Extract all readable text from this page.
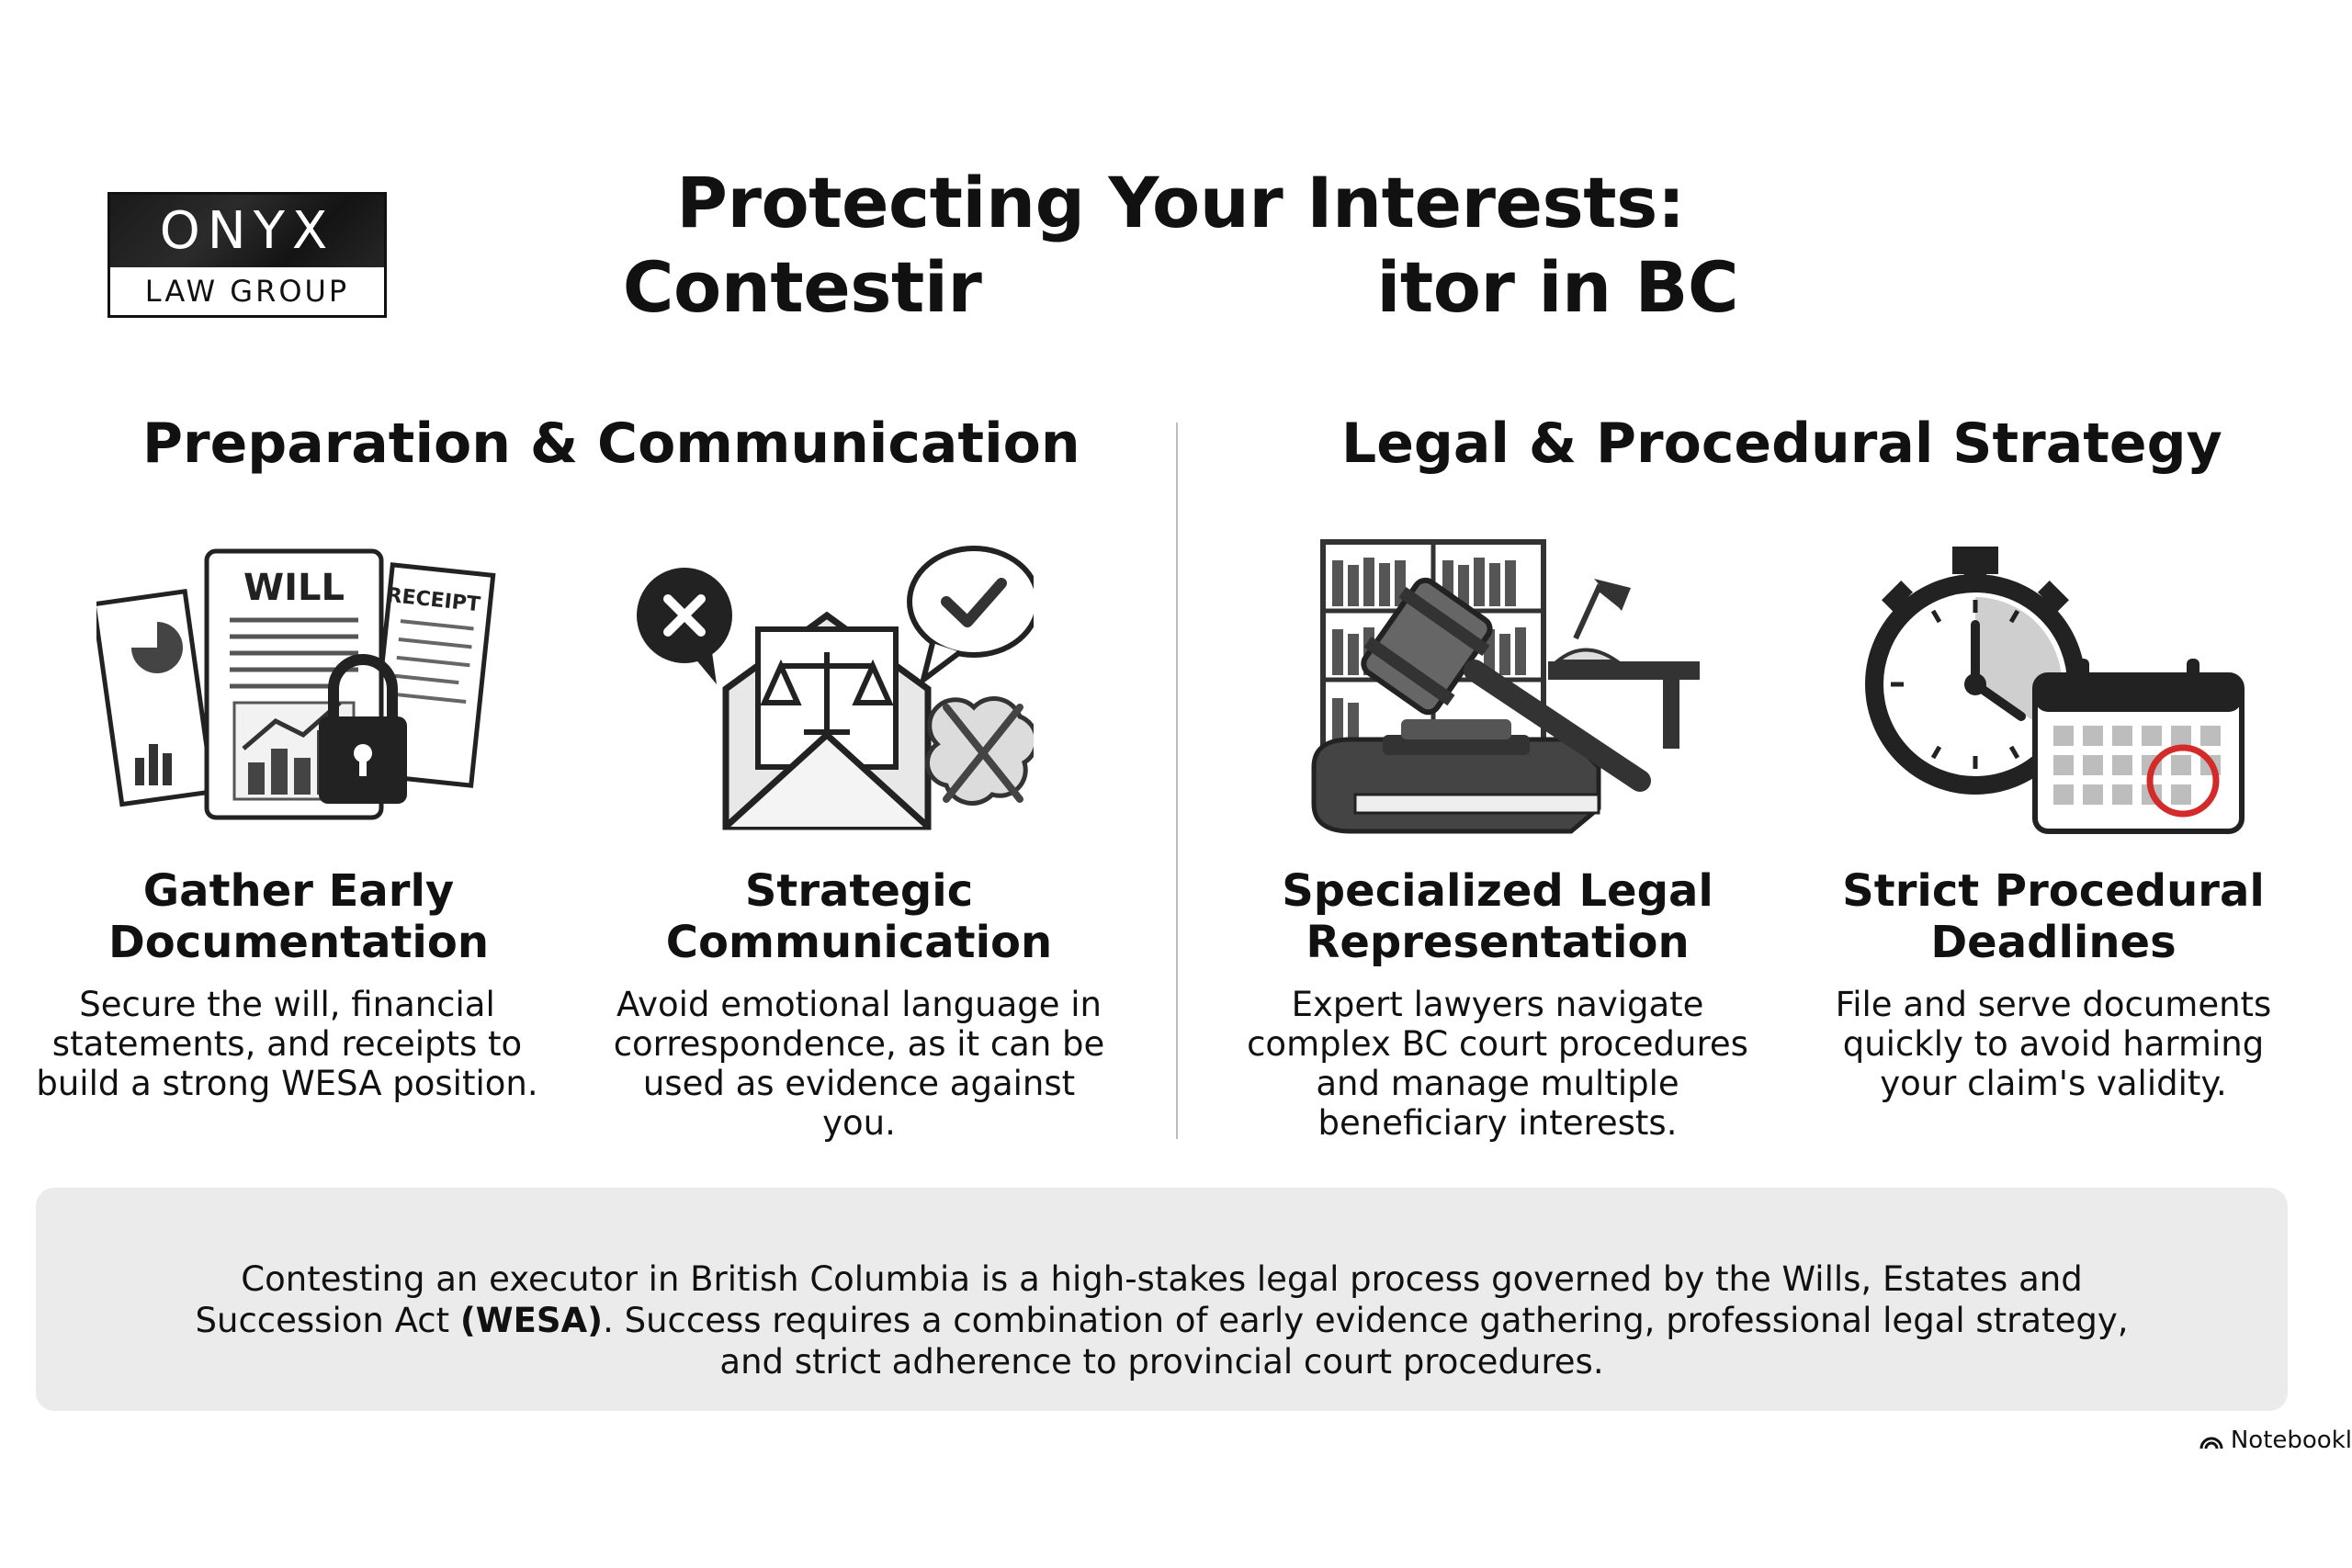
ONYX
LAW GROUP
Protecting Your Interests:
Contestir	itor in BC
Preparation & Communication	Legal & Procedural Strategy
WILL RECEIPT
Gather Early Documentation
Secure the will, financial statements, and receipts to build a strong WESA position.
Strategic Communication
Avoid emotional language in correspondence, as it can be used as evidence against you.
Specialized Legal Representation
Expert lawyers navigate complex BC court procedures and manage multiple beneficiary interests.
Strict Procedural Deadlines
File and serve documents quickly to avoid harming your claim's validity.
Contesting an executor in British Columbia is a high-stakes legal process governed by the Wills, Estates and Succession Act (WESA). Success requires a combination of early evidence gathering, professional legal strategy, and strict adherence to provincial court procedures.
Notebookl
